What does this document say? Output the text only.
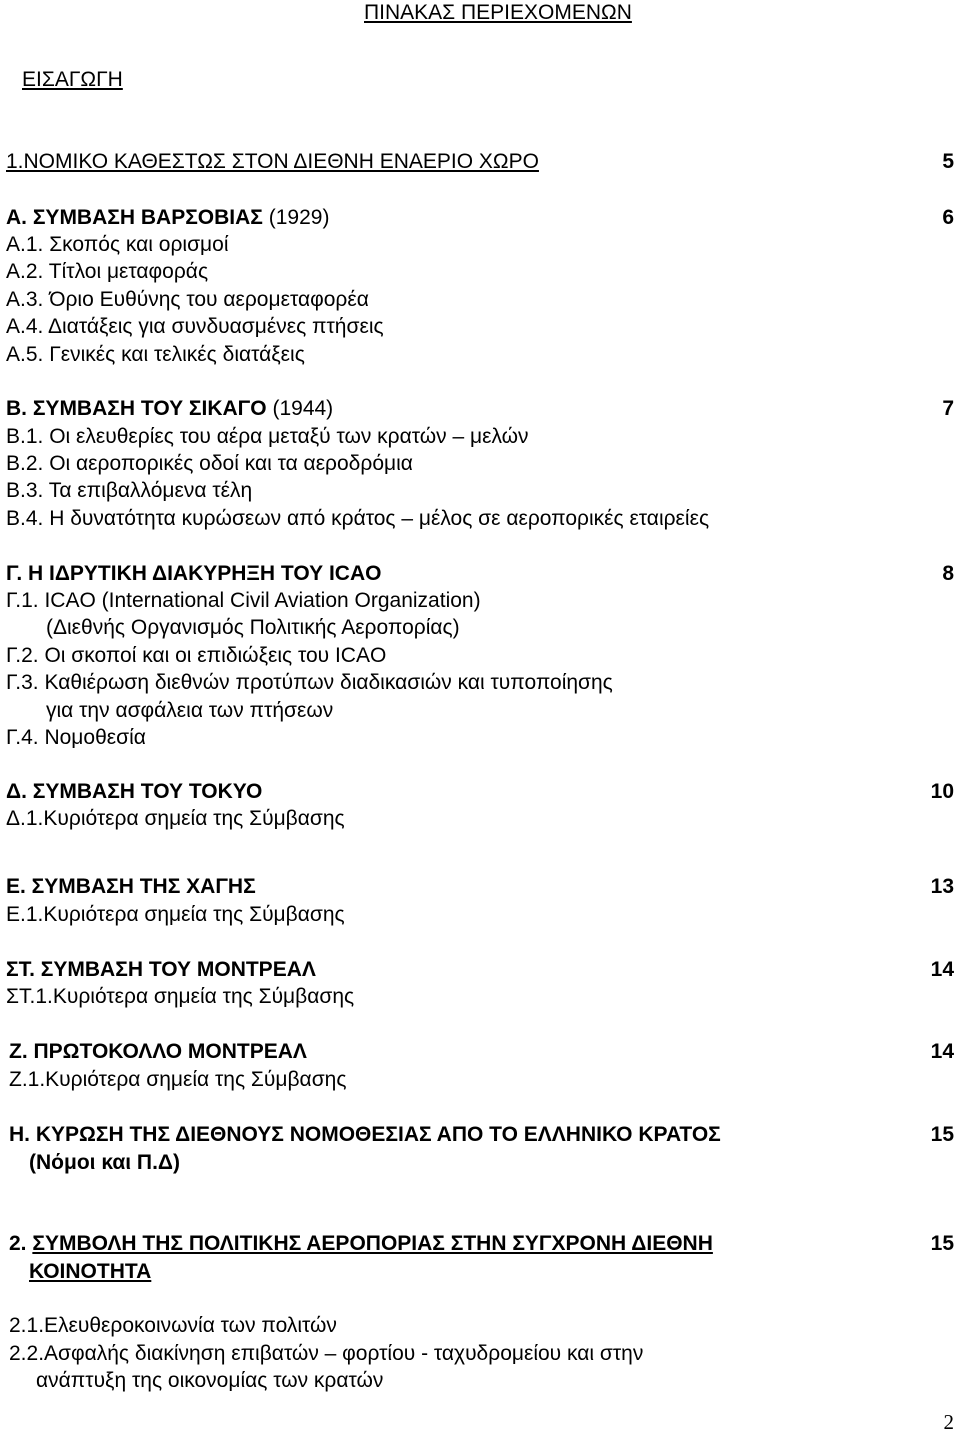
ΠΙΝΑΚΑΣ ΠΕΡΙΕΧΟΜΕΝΩΝ
ΕΙΣΑΓΩΓΗ
1.ΝΟΜΙΚΟ ΚΑΘΕΣΤΩΣ ΣΤΟΝ ΔΙΕΘΝΗ ΕΝΑΕΡΙΟ ΧΩΡΟ	5
Α. ΣΥΜΒΑΣΗ ΒΑΡΣΟΒΙΑΣ (1929)	6
Α.1. Σκοπός και ορισμοί
Α.2. Τίτλοι μεταφοράς
Α.3. Όριο Ευθύνης του αερομεταφορέα
Α.4. Διατάξεις για συνδυασμένες πτήσεις
Α.5. Γενικές και τελικές διατάξεις
Β. ΣΥΜΒΑΣΗ ΤΟΥ ΣΙΚΑΓΟ (1944)	7
Β.1. Οι ελευθερίες του αέρα μεταξύ των κρατών – μελών
Β.2. Οι αεροπορικές οδοί και τα αεροδρόμια
Β.3. Τα επιβαλλόμενα τέλη
Β.4. Η δυνατότητα κυρώσεων από κράτος – μέλος σε αεροπορικές εταιρείες
Γ. Η ΙΔΡΥΤΙΚΗ ΔΙΑΚΥΡΗΞΗ ΤΟΥ ICAO	8
Γ.1. ICAO (International Civil Aviation Organization)
(Διεθνής Οργανισμός Πολιτικής Αεροπορίας)
Γ.2. Οι σκοποί και οι επιδιώξεις του ICAO
Γ.3. Καθιέρωση διεθνών προτύπων διαδικασιών και τυποποίησης
για την ασφάλεια των πτήσεων
Γ.4. Νομοθεσία
Δ. ΣΥΜΒΑΣΗ ΤΟΥ ΤΟΚΥΟ	10
Δ.1.Κυριότερα σημεία της Σύμβασης
Ε. ΣΥΜΒΑΣΗ ΤΗΣ ΧΑΓΗΣ	13
Ε.1.Κυριότερα σημεία της Σύμβασης
ΣΤ. ΣΥΜΒΑΣΗ ΤΟΥ ΜΟΝΤΡΕΑΛ	14
ΣΤ.1.Κυριότερα σημεία της Σύμβασης
Ζ. ΠΡΩΤΟΚΟΛΛΟ ΜΟΝΤΡΕΑΛ	14
Ζ.1.Κυριότερα σημεία της Σύμβασης
Η. ΚΥΡΩΣΗ ΤΗΣ ΔΙΕΘΝΟΥΣ ΝΟΜΟΘΕΣΙΑΣ ΑΠΟ ΤΟ ΕΛΛΗΝΙΚΟ ΚΡΑΤΟΣ	15
(Νόμοι και Π.Δ)
2. ΣΥΜΒΟΛΗ ΤΗΣ ΠΟΛΙΤΙΚΗΣ ΑΕΡΟΠΟΡΙΑΣ ΣΤΗΝ ΣΥΓΧΡΟΝΗ ΔΙΕΘΝΗ	15
ΚΟΙΝΟΤΗΤΑ
2.1.Ελευθεροκοινωνία των πολιτών
2.2.Ασφαλής διακίνηση επιβατών – φορτίου - ταχυδρομείου και στην
ανάπτυξη της οικονομίας των κρατών
2
